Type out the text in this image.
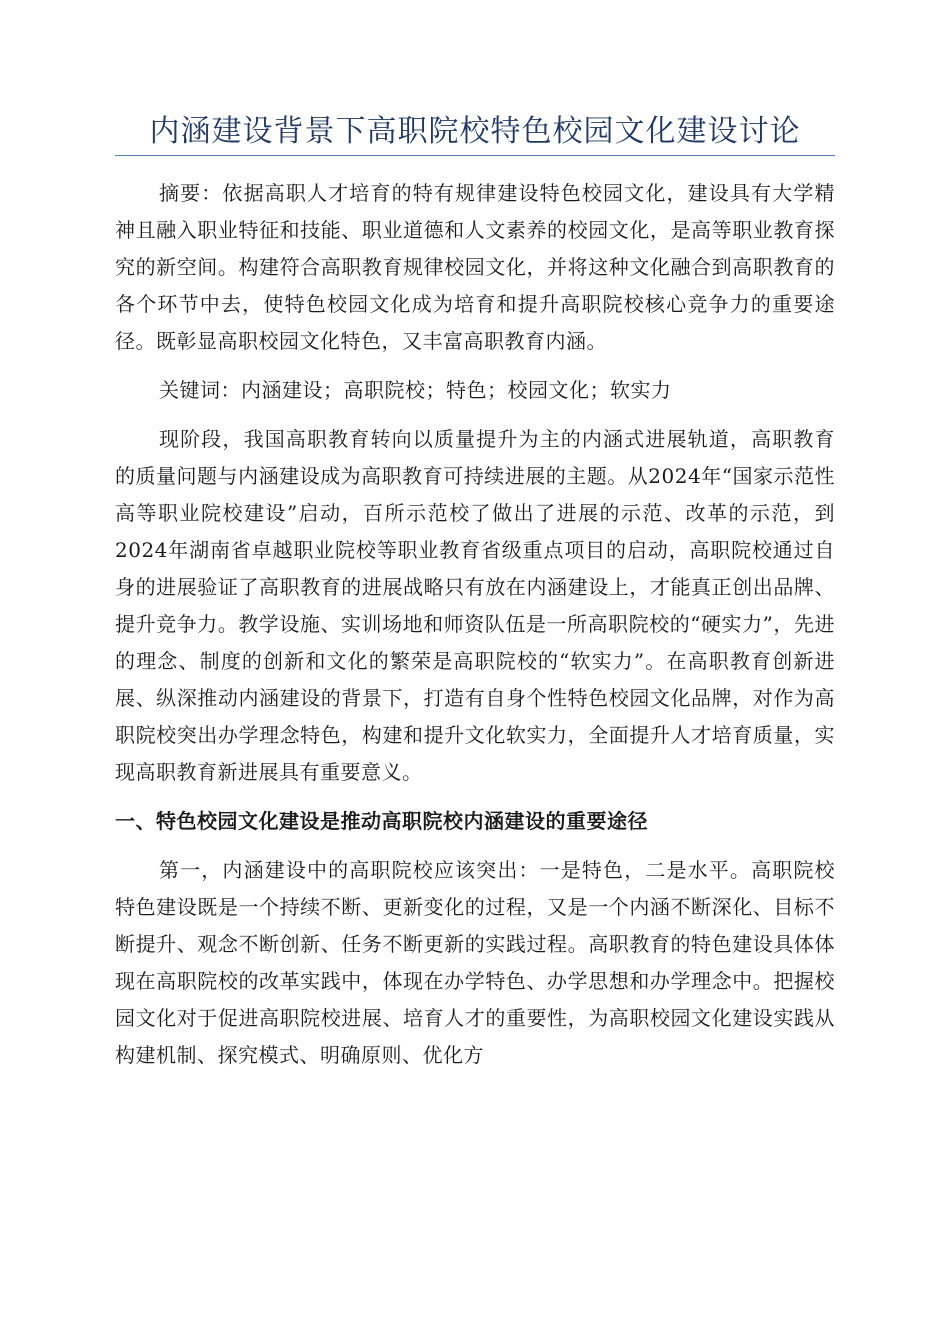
内涵建设背景下高职院校特色校园文化建设讨论

摘要：依据高职人才培育的特有规律建设特色校园文化，建设具有大学精神且融入职业特征和技能、职业道德和人文素养的校园文化，是高等职业教育探究的新空间。构建符合高职教育规律校园文化，并将这种文化融合到高职教育的各个环节中去，使特色校园文化成为培育和提升高职院校核心竞争力的重要途径。既彰显高职校园文化特色，又丰富高职教育内涵。

关键词：内涵建设；高职院校；特色；校园文化；软实力

现阶段，我国高职教育转向以质量提升为主的内涵式进展轨道，高职教育的质量问题与内涵建设成为高职教育可持续进展的主题。从2024年“国家示范性高等职业院校建设”启动，百所示范校了做出了进展的示范、改革的示范，到2024年湖南省卓越职业院校等职业教育省级重点项目的启动，高职院校通过自身的进展验证了高职教育的进展战略只有放在内涵建设上，才能真正创出品牌、提升竞争力。教学设施、实训场地和师资队伍是一所高职院校的“硬实力”，先进的理念、制度的创新和文化的繁荣是高职院校的“软实力”。在高职教育创新进展、纵深推动内涵建设的背景下，打造有自身个性特色校园文化品牌，对作为高职院校突出办学理念特色，构建和提升文化软实力，全面提升人才培育质量，实现高职教育新进展具有重要意义。

一、特色校园文化建设是推动高职院校内涵建设的重要途径

第一，内涵建设中的高职院校应该突出：一是特色，二是水平。高职院校特色建设既是一个持续不断、更新变化的过程，又是一个内涵不断深化、目标不断提升、观念不断创新、任务不断更新的实践过程。高职教育的特色建设具体体现在高职院校的改革实践中，体现在办学特色、办学思想和办学理念中。把握校园文化对于促进高职院校进展、培育人才的重要性，为高职校园文化建设实践从构建机制、探究模式、明确原则、优化方
